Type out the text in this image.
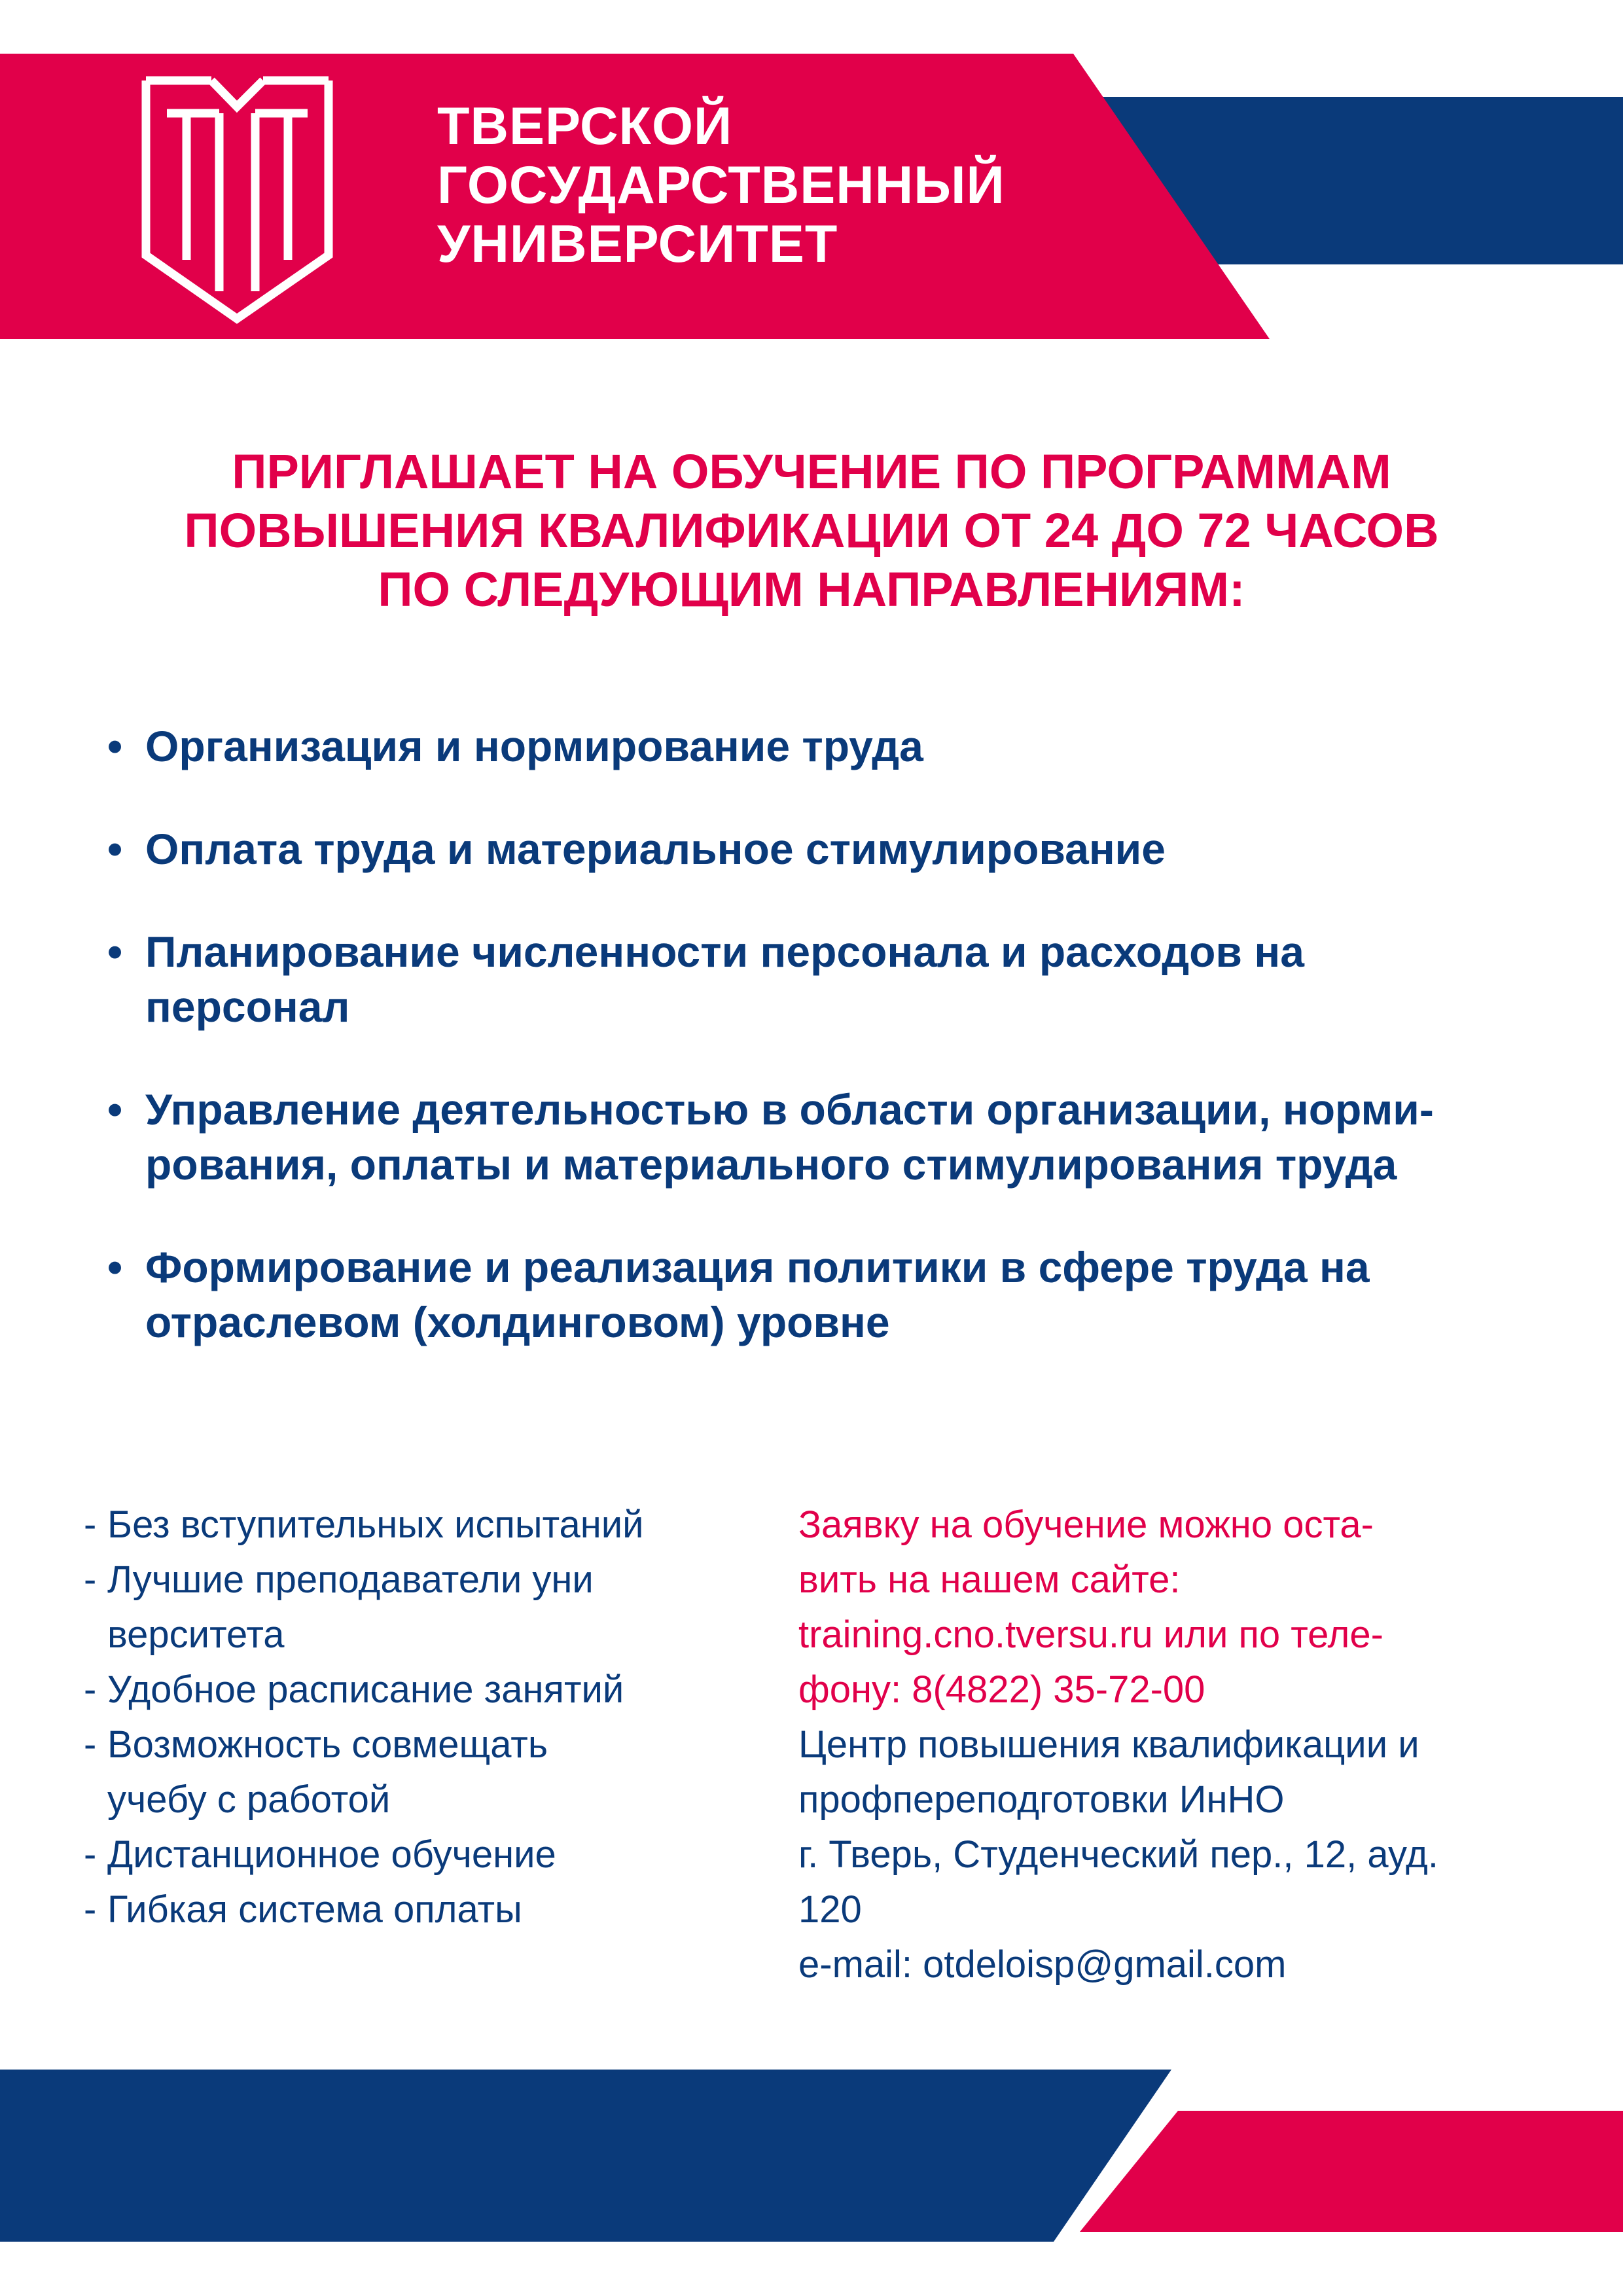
ТВЕРСКОЙ
ГОСУДАРСТВЕННЫЙ
УНИВЕРСИТЕТ
ПРИГЛАШАЕТ НА ОБУЧЕНИЕ ПО ПРОГРАММАМ
ПОВЫШЕНИЯ КВАЛИФИКАЦИИ ОТ 24 ДО 72 ЧАСОВ
ПО СЛЕДУЮЩИМ НАПРАВЛЕНИЯМ:
• Организация и нормирование труда
• Оплата труда и материальное стимулирование
• Планирование численности персонала и расходов на
персонал
• Управление деятельностью в области организации, норми-
рования, оплаты и материального стимулирования труда
• Формирование и реализация политики в сфере труда на
отраслевом (холдинговом) уровне
- Без вступительных испытаний
- Лучшие преподаватели уни
верситета
- Удобное расписание занятий
- Возможность совмещать
учебу с работой
- Дистанционное обучение
- Гибкая система оплаты
Заявку на обучение можно оста-
вить на нашем сайте:
training.cno.tversu.ru или по теле-
фону: 8(4822) 35-72-00
Центр повышения квалификации и
профпереподготовки ИнНО
г. Тверь, Студенческий пер., 12, ауд.
120
e-mail: otdeloisp@gmail.com
